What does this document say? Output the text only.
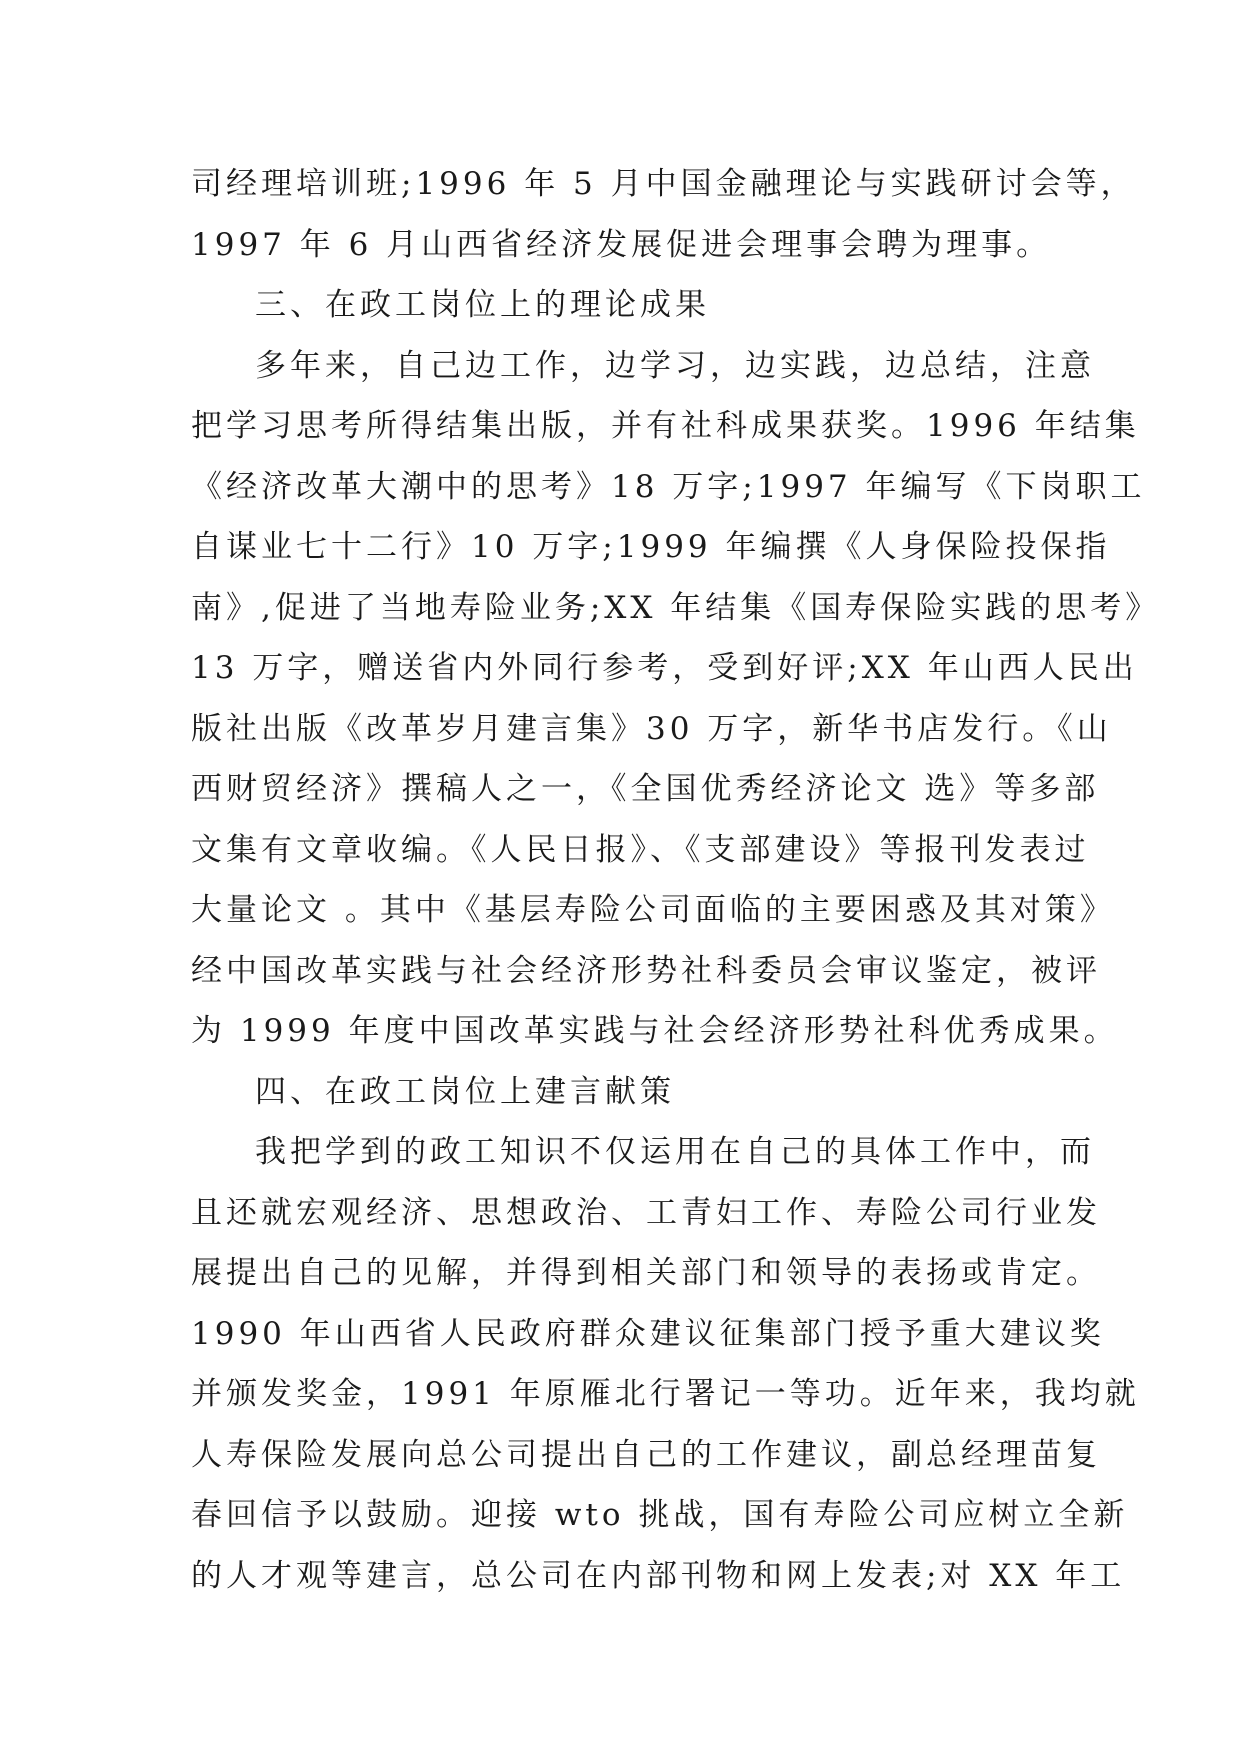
司经理培训班;1996 年 5 月中国金融理论与实践研讨会等，
1997 年 6 月山西省经济发展促进会理事会聘为理事。
三、在政工岗位上的理论成果
多年来，自己边工作，边学习，边实践，边总结，注意
把学习思考所得结集出版，并有社科成果获奖。1996 年结集
《经济改革大潮中的思考》18 万字;1997 年编写《下岗职工
自谋业七十二行》10 万字;1999 年编撰《人身保险投保指
南》,促进了当地寿险业务;XX 年结集《国寿保险实践的思考》
13 万字，赠送省内外同行参考，受到好评;XX 年山西人民出
版社出版《改革岁月建言集》30 万字，新华书店发行。《山
西财贸经济》撰稿人之一，《全国优秀经济论文 选》等多部
文集有文章收编。《人民日报》、《支部建设》等报刊发表过
大量论文 。其中《基层寿险公司面临的主要困惑及其对策》
经中国改革实践与社会经济形势社科委员会审议鉴定，被评
为 1999 年度中国改革实践与社会经济形势社科优秀成果。
四、在政工岗位上建言献策
我把学到的政工知识不仅运用在自己的具体工作中，而
且还就宏观经济、思想政治、工青妇工作、寿险公司行业发
展提出自己的见解，并得到相关部门和领导的表扬或肯定。
1990 年山西省人民政府群众建议征集部门授予重大建议奖
并颁发奖金，1991 年原雁北行署记一等功。近年来，我均就
人寿保险发展向总公司提出自己的工作建议，副总经理苗复
春回信予以鼓励。迎接 wto 挑战，国有寿险公司应树立全新
的人才观等建言，总公司在内部刊物和网上发表;对 XX 年工
